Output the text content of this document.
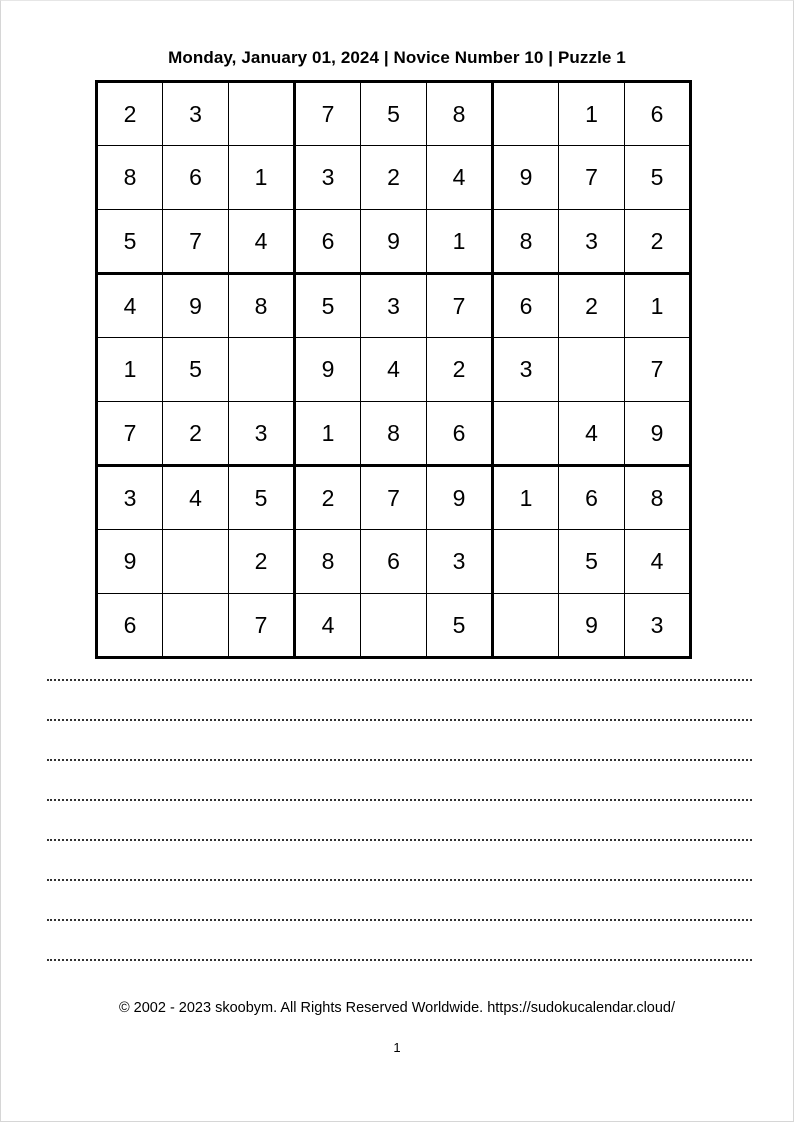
Monday, January 01, 2024 | Novice Number 10 | Puzzle 1
2	3		7	5	8		1	6
8	6	1	3	2	4	9	7	5
5	7	4	6	9	1	8	3	2
4	9	8	5	3	7	6	2	1
1	5		9	4	2	3		7
7	2	3	1	8	6		4	9
3	4	5	2	7	9	1	6	8
9		2	8	6	3		5	4
6		7	4		5		9	3
© 2002 - 2023 skoobym. All Rights Reserved Worldwide. https://sudokucalendar.cloud/
1
